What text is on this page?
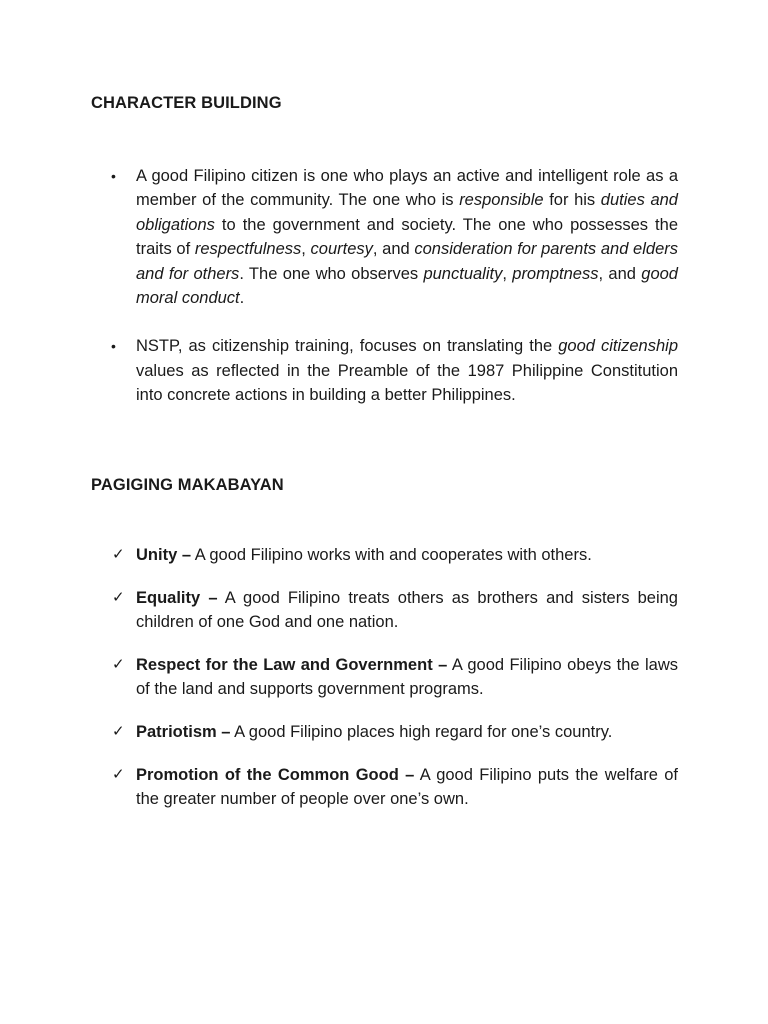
CHARACTER BUILDING
•	A good Filipino citizen is one who plays an active and intelligent role as a member of the community. The one who is responsible for his duties and obligations to the government and society. The one who possesses the traits of respectfulness, courtesy, and consideration for parents and elders and for others. The one who observes punctuality, promptness, and good moral conduct.
•	NSTP, as citizenship training, focuses on translating the good citizenship values as reflected in the Preamble of the 1987 Philippine Constitution into concrete actions in building a better Philippines.
PAGIGING MAKABAYAN
✓ Unity – A good Filipino works with and cooperates with others.
✓ Equality – A good Filipino treats others as brothers and sisters being children of one God and one nation.
✓ Respect for the Law and Government – A good Filipino obeys the laws of the land and supports government programs.
✓ Patriotism – A good Filipino places high regard for one’s country.
✓ Promotion of the Common Good – A good Filipino puts the welfare of the greater number of people over one’s own.
